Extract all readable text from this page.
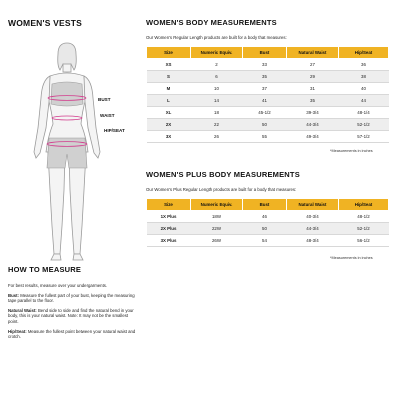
WOMEN'S VESTS
BUST
WAIST
HIP/SEAT
HOW TO MEASURE

For best results, measure over your undergarments.

Bust: Measure the fullest part of your bust, keeping the measuring tape parallel to the floor.

Natural Waist: Bend side to side and find the natural bend in your body, this is your natural waist. Note: It may not be the smallest point.

Hip/Seat: Measure the fullest point between your natural waist and crotch.

WOMEN'S BODY MEASUREMENTS
Our Women's Regular Length products are built for a body that measures:
Size	Numeric Equiv.	Bust	Natural Waist	Hip/Seat
XS	2	33	27	36
S	6	35	29	38
M	10	37	31	40
L	14	41	35	44
XL	18	45-1/2	39-3/4	48-1/4
2X	22	50	44-3/4	52-1/2
3X	26	55	49-3/4	57-1/2
*Measurements in inches
WOMEN'S PLUS BODY MEASUREMENTS
Our Women's Plus Regular Length products are built for a body that measures:
Size	Numeric Equiv.	Bust	Natural Waist	Hip/Seat
1X Plus	18W	46	40-3/4	48-1/2
2X Plus	22W	50	44-3/4	52-1/2
3X Plus	26W	54	48-3/4	56-1/2
*Measurements in inches
